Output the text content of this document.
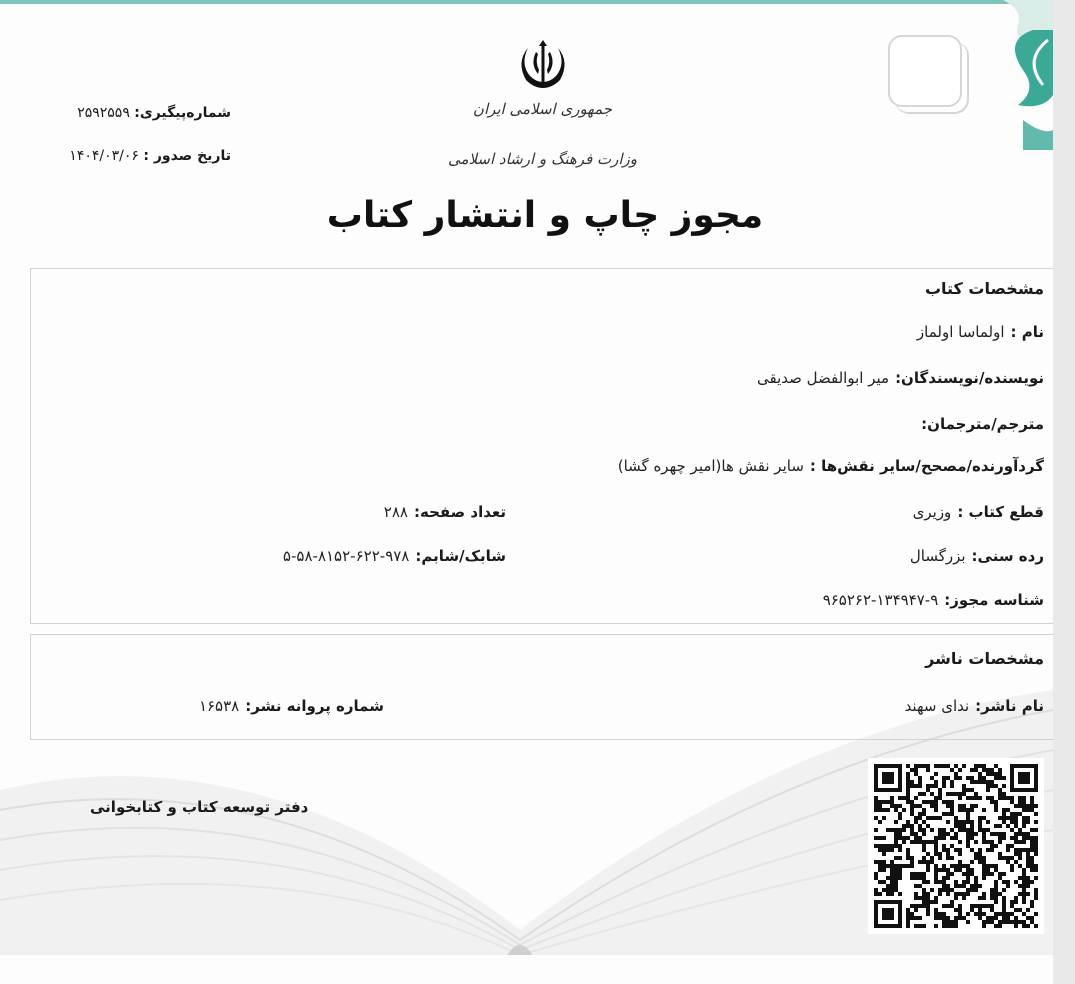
جمهوری اسلامی ایران
وزارت فرهنگ و ارشاد اسلامی
مجوز چاپ و انتشار کتاب
شماره‌پیگیری: ۲۵۹۲۵۵۹
تاریخ صدور : ۱۴۰۴/۰۳/۰۶
مشخصات کتاب
نام :اولماسا اولماز
نویسنده/نویسندگان:میر ابوالفضل صدیقی
مترجم/مترجمان:
گردآورنده/مصحح/سایر نقش‌ها :سایر نقش ها(امیر چهره گشا)
قطع کتاب :وزیری
تعداد صفحه:۲۸۸
رده سنی:بزرگسال
شابک/شابم:۹۷۸-۶۲۲-۸۱۵۲-۵۸-۵
شناسه مجوز:۹-۱۳۴۹۴۷-۹۶۵۲۶۲
مشخصات ناشر
نام ناشر:ندای سهند
شماره پروانه نشر:۱۶۵۳۸
دفتر توسعه کتاب و کتابخوانی
